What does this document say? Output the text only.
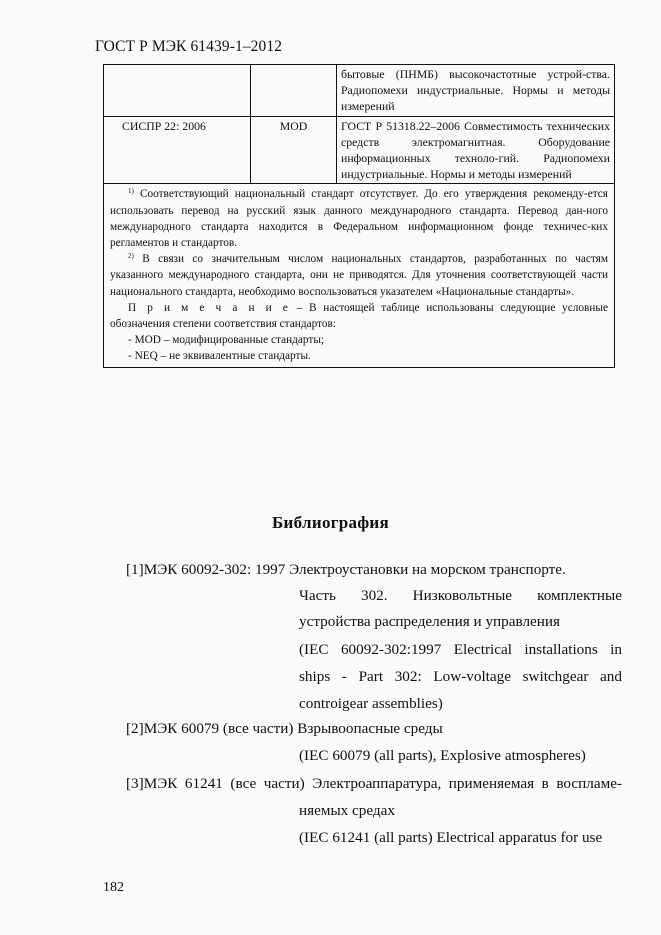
ГОСТ Р МЭК 61439-1–2012
		бытовые (ПНМБ) высокочастотные устрой-ства. Радиопомехи индустриальные. Нормы и методы измерений
СИСПР 22: 2006	MOD	ГОСТ Р 51318.22–2006 Совместимость технических средств электромагнитная. Оборудование информационных техноло-гий. Радиопомехи индустриальные. Нормы и методы измерений

$^{1)}$ Соответствующий национальный стандарт отсутствует. До его утверждения рекоменду-ется использовать перевод на русский язык данного международного стандарта. Перевод дан-ного международного стандарта находится в Федеральном информационном фонде техничес-ких регламентов и стандартов.

$^{2)}$ В связи со значительным числом национальных стандартов, разработанных по частям указанного международного стандарта, они не приводятся. Для уточнения соответствующей части национального стандарта, необходимо воспользоваться указателем «Национальные стандарты».

П р и м е ч а н и е – В настоящей таблице использованы следующие условные обозначения степени соответствия стандартов:

- MOD – модифицированные стандарты;

- NEQ – не эквивалентные стандарты.		

Библиография
[1]МЭК 60092-302: 1997 Электроустановки на морском транспорте.
Часть 302. Низковольтные комплектные
устройства распределения и управления
(IEC 60092-302:1997 Electrical installations in
ships - Part 302: Low-voltage switchgear and
controigear assemblies)
[2]МЭК 60079 (все части) Взрывоопасные среды
(IEC 60079 (all parts), Explosive atmospheres)
[3]МЭК 61241 (все части) Электроаппаратура, применяемая в воспламе-
няемых средах
(IEC 61241 (all parts) Electrical apparatus for use
182
